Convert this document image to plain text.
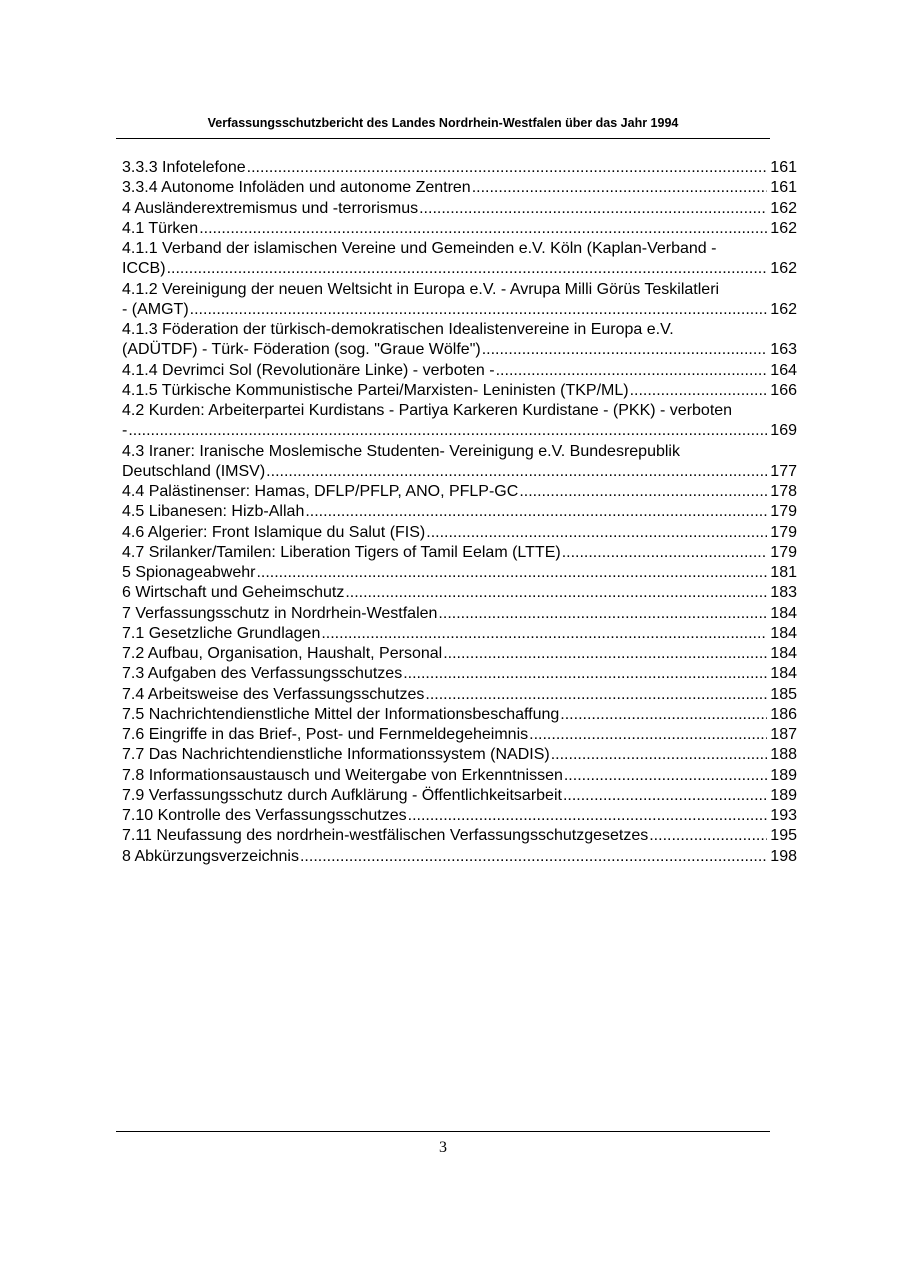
Verfassungsschutzbericht des Landes Nordrhein-Westfalen über das Jahr 1994
3.3.3 Infotelefone .....	161
3.3.4 Autonome Infoläden und autonome Zentren .....	161
4 Ausländerextremismus und -terrorismus .....	162
4.1 Türken .....	162
4.1.1 Verband der islamischen Vereine und Gemeinden e.V. Köln (Kaplan-Verband -
ICCB) .....	162
4.1.2 Vereinigung der neuen Weltsicht in Europa e.V. - Avrupa Milli Görüs Teskilatleri
- (AMGT) .....	162
4.1.3 Föderation der türkisch-demokratischen Idealistenvereine in Europa e.V.
(ADÜTDF) - Türk- Föderation (sog. "Graue Wölfe") .....	163
4.1.4 Devrimci Sol (Revolutionäre Linke) - verboten - .....	164
4.1.5 Türkische Kommunistische Partei/Marxisten- Leninisten (TKP/ML) .....	166
4.2 Kurden: Arbeiterpartei Kurdistans - Partiya Karkeren Kurdistane - (PKK) - verboten
- .....	169
4.3 Iraner: Iranische Moslemische Studenten- Vereinigung e.V. Bundesrepublik
Deutschland (IMSV) .....	177
4.4 Palästinenser: Hamas, DFLP/PFLP, ANO, PFLP-GC .....	178
4.5 Libanesen: Hizb-Allah .....	179
4.6 Algerier: Front Islamique du Salut (FIS) .....	179
4.7 Srilanker/Tamilen: Liberation Tigers of Tamil Eelam (LTTE) .....	179
5 Spionageabwehr .....	181
6 Wirtschaft und Geheimschutz .....	183
7 Verfassungsschutz in Nordrhein-Westfalen .....	184
7.1 Gesetzliche Grundlagen .....	184
7.2 Aufbau, Organisation, Haushalt, Personal .....	184
7.3 Aufgaben des Verfassungsschutzes .....	184
7.4 Arbeitsweise des Verfassungsschutzes .....	185
7.5 Nachrichtendienstliche Mittel der Informationsbeschaffung .....	186
7.6 Eingriffe in das Brief-, Post- und Fernmeldegeheimnis .....	187
7.7 Das Nachrichtendienstliche Informationssystem (NADIS) .....	188
7.8 Informationsaustausch und Weitergabe von Erkenntnissen .....	189
7.9 Verfassungsschutz durch Aufklärung - Öffentlichkeitsarbeit .....	189
7.10 Kontrolle des Verfassungsschutzes .....	193
7.11 Neufassung des nordrhein-westfälischen Verfassungsschutzgesetzes .....	195
8 Abkürzungsverzeichnis .....	198
3
